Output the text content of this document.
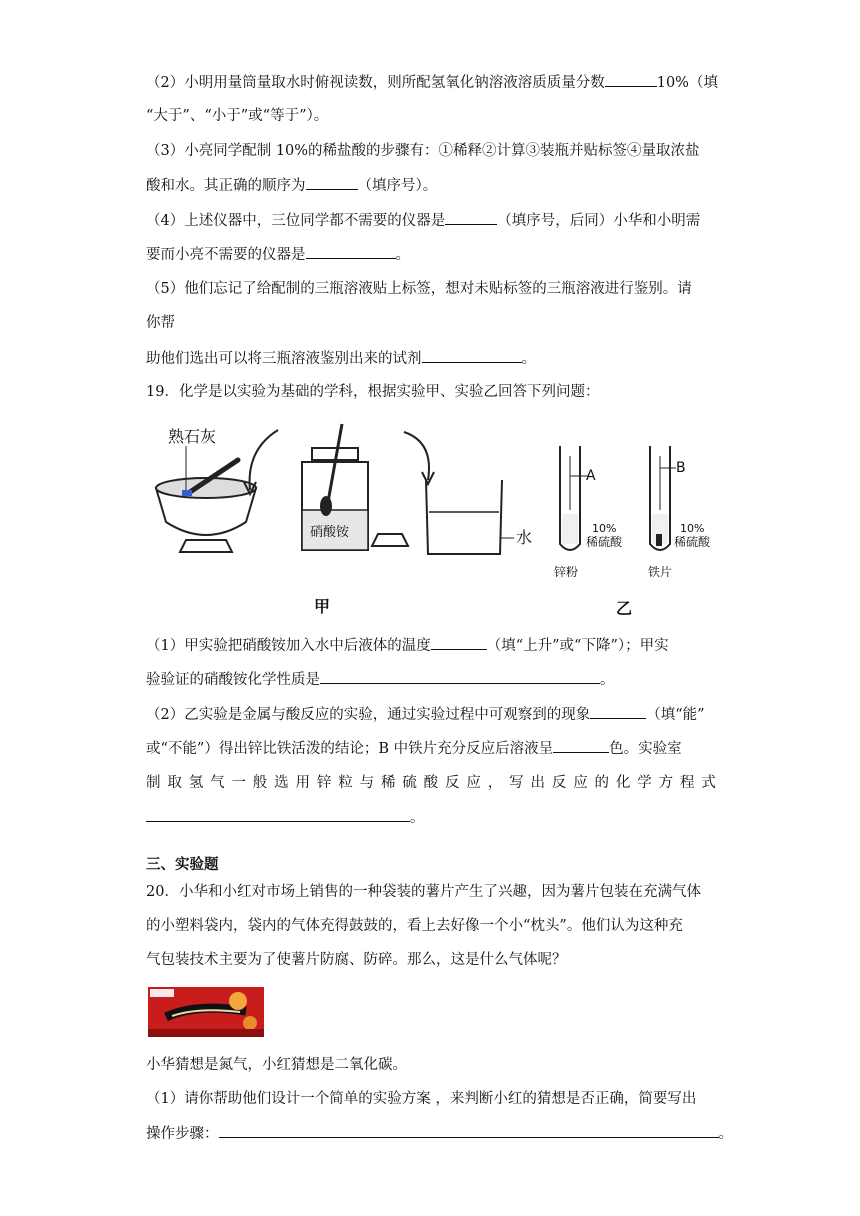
（2）小明用量筒量取水时俯视读数，则所配氢氧化钠溶液溶质质量分数	10%（填
“大于”、“小于”或“等于”）。
（3）小亮同学配制 10%的稀盐酸的步骤有：①稀释②计算③装瓶并贴标签④量取浓盐
酸和水。其正确的顺序为	（填序号）。
（4）上述仪器中，三位同学都不需要的仪器是	（填序号，后同）小华和小明需
要而小亮不需要的仪器是	。
（5）他们忘记了给配制的三瓶溶液贴上标签，想对未贴标签的三瓶溶液进行鉴别。请
你帮
助他们选出可以将三瓶溶液鉴别出来的试剂	。
19．化学是以实验为基础的学科，根据实验甲、实验乙回答下列问题：
熟石灰
硝酸铵	水
A
10%
稀硫酸
锌粉
B
10%
稀硫酸
铁片
甲	乙
（1）甲实验把硝酸铵加入水中后液体的温度	（填“上升”或“下降”）；甲实
验验证的硝酸铵化学性质是	。
（2）乙实验是金属与酸反应的实验，通过实验过程中可观察到的现象	（填“能”
或“不能”）得出锌比铁活泼的结论；B 中铁片充分反应后溶液呈	色。实验室
制 取 氢 气 一 般 选 用 锌 粒 与 稀 硫 酸 反 应 ， 写 出 反 应 的 化 学 方 程 式
。
三、实验题
20．小华和小红对市场上销售的一种袋装的薯片产生了兴趣，因为薯片包装在充满气体
的小塑料袋内，袋内的气体充得鼓鼓的，看上去好像一个小“枕头”。他们认为这种充
气包装技术主要为了使薯片防腐、防碎。那么，这是什么气体呢？
小华猜想是氮气，小红猜想是二氧化碳。
（1）请你帮助他们设计一个简单的实验方案 ，来判断小红的猜想是否正确，简要写出
操作步骤：	。
